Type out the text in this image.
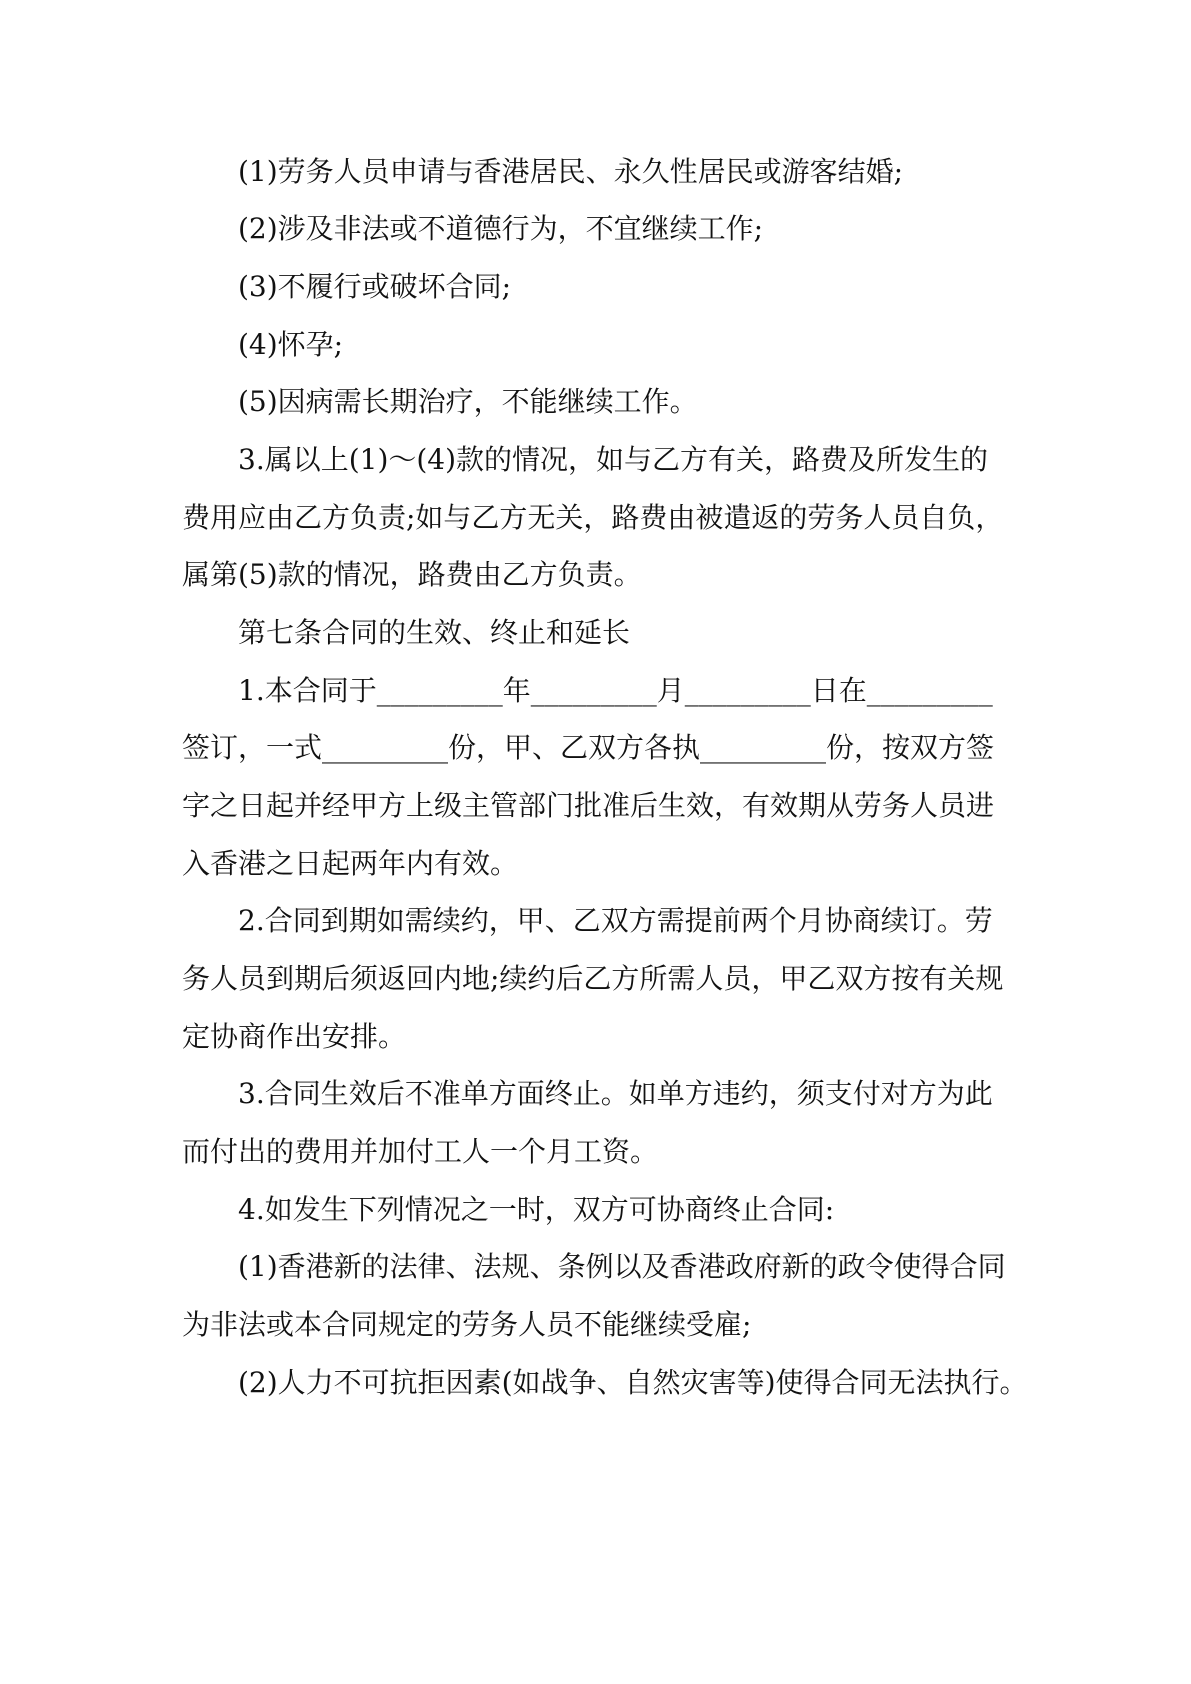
(1)劳务人员申请与香港居民、永久性居民或游客结婚;

(2)涉及非法或不道德行为，不宜继续工作;

(3)不履行或破坏合同;

(4)怀孕;

(5)因病需长期治疗，不能继续工作。

3.属以上(1)～(4)款的情况，如与乙方有关，路费及所发生的

费用应由乙方负责;如与乙方无关，路费由被遣返的劳务人员自负，

属第(5)款的情况，路费由乙方负责。

第七条合同的生效、终止和延长

1.本合同于_________年_________月_________日在_________

签订，一式_________份，甲、乙双方各执_________份，按双方签

字之日起并经甲方上级主管部门批准后生效，有效期从劳务人员进

入香港之日起两年内有效。

2.合同到期如需续约，甲、乙双方需提前两个月协商续订。劳

务人员到期后须返回内地;续约后乙方所需人员，甲乙双方按有关规

定协商作出安排。

3.合同生效后不准单方面终止。如单方违约，须支付对方为此

而付出的费用并加付工人一个月工资。

4.如发生下列情况之一时，双方可协商终止合同:

(1)香港新的法律、法规、条例以及香港政府新的政令使得合同

为非法或本合同规定的劳务人员不能继续受雇;

(2)人力不可抗拒因素(如战争、自然灾害等)使得合同无法执行。
